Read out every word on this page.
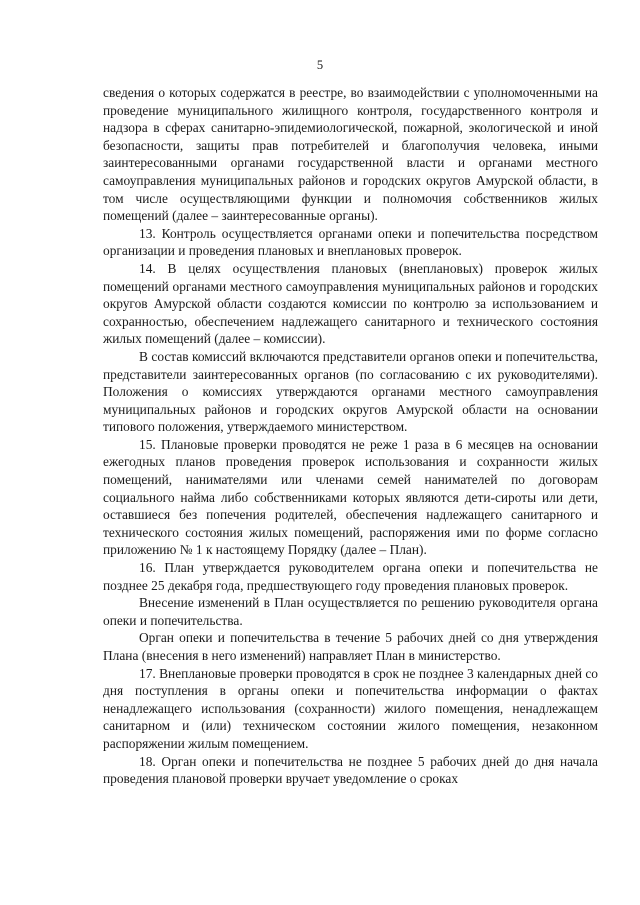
5

сведения о которых содержатся в реестре, во взаимодействии с уполномоченными на проведение муниципального жилищного контроля, государственного контроля и надзора в сферах санитарно-эпидемиологической, пожарной, экологической и иной безопасности, защиты прав потребителей и благополучия человека, иными заинтересованными органами государственной власти и органами местного самоуправления муниципальных районов и городских округов Амурской области, в том числе осуществляющими функции и полномочия собственников жилых помещений (далее – заинтересованные органы).

13. Контроль осуществляется органами опеки и попечительства посредством организации и проведения плановых и внеплановых проверок.

14. В целях осуществления плановых (внеплановых) проверок жилых помещений органами местного самоуправления муниципальных районов и городских округов Амурской области создаются комиссии по контролю за использованием и сохранностью, обеспечением надлежащего санитарного и технического состояния жилых помещений (далее – комиссии).

В состав комиссий включаются представители органов опеки и попечительства, представители заинтересованных органов (по согласованию с их руководителями). Положения о комиссиях утверждаются органами местного самоуправления муниципальных районов и городских округов Амурской области на основании типового положения, утверждаемого министерством.

15. Плановые проверки проводятся не реже 1 раза в 6 месяцев на основании ежегодных планов проведения проверок использования и сохранности жилых помещений, нанимателями или членами семей нанимателей по договорам социального найма либо собственниками которых являются дети-сироты или дети, оставшиеся без попечения родителей, обеспечения надлежащего санитарного и технического состояния жилых помещений, распоряжения ими по форме согласно приложению № 1 к настоящему Порядку (далее – План).

16. План утверждается руководителем органа опеки и попечительства не позднее 25 декабря года, предшествующего году проведения плановых проверок.

Внесение изменений в План осуществляется по решению руководителя органа опеки и попечительства.

Орган опеки и попечительства в течение 5 рабочих дней со дня утверждения Плана (внесения в него изменений) направляет План в министерство.

17. Внеплановые проверки проводятся в срок не позднее 3 календарных дней со дня поступления в органы опеки и попечительства информации о фактах ненадлежащего использования (сохранности) жилого помещения, ненадлежащем санитарном и (или) техническом состоянии жилого помещения, незаконном распоряжении жилым помещением.

18. Орган опеки и попечительства не позднее 5 рабочих дней до дня начала проведения плановой проверки вручает уведомление о сроках
